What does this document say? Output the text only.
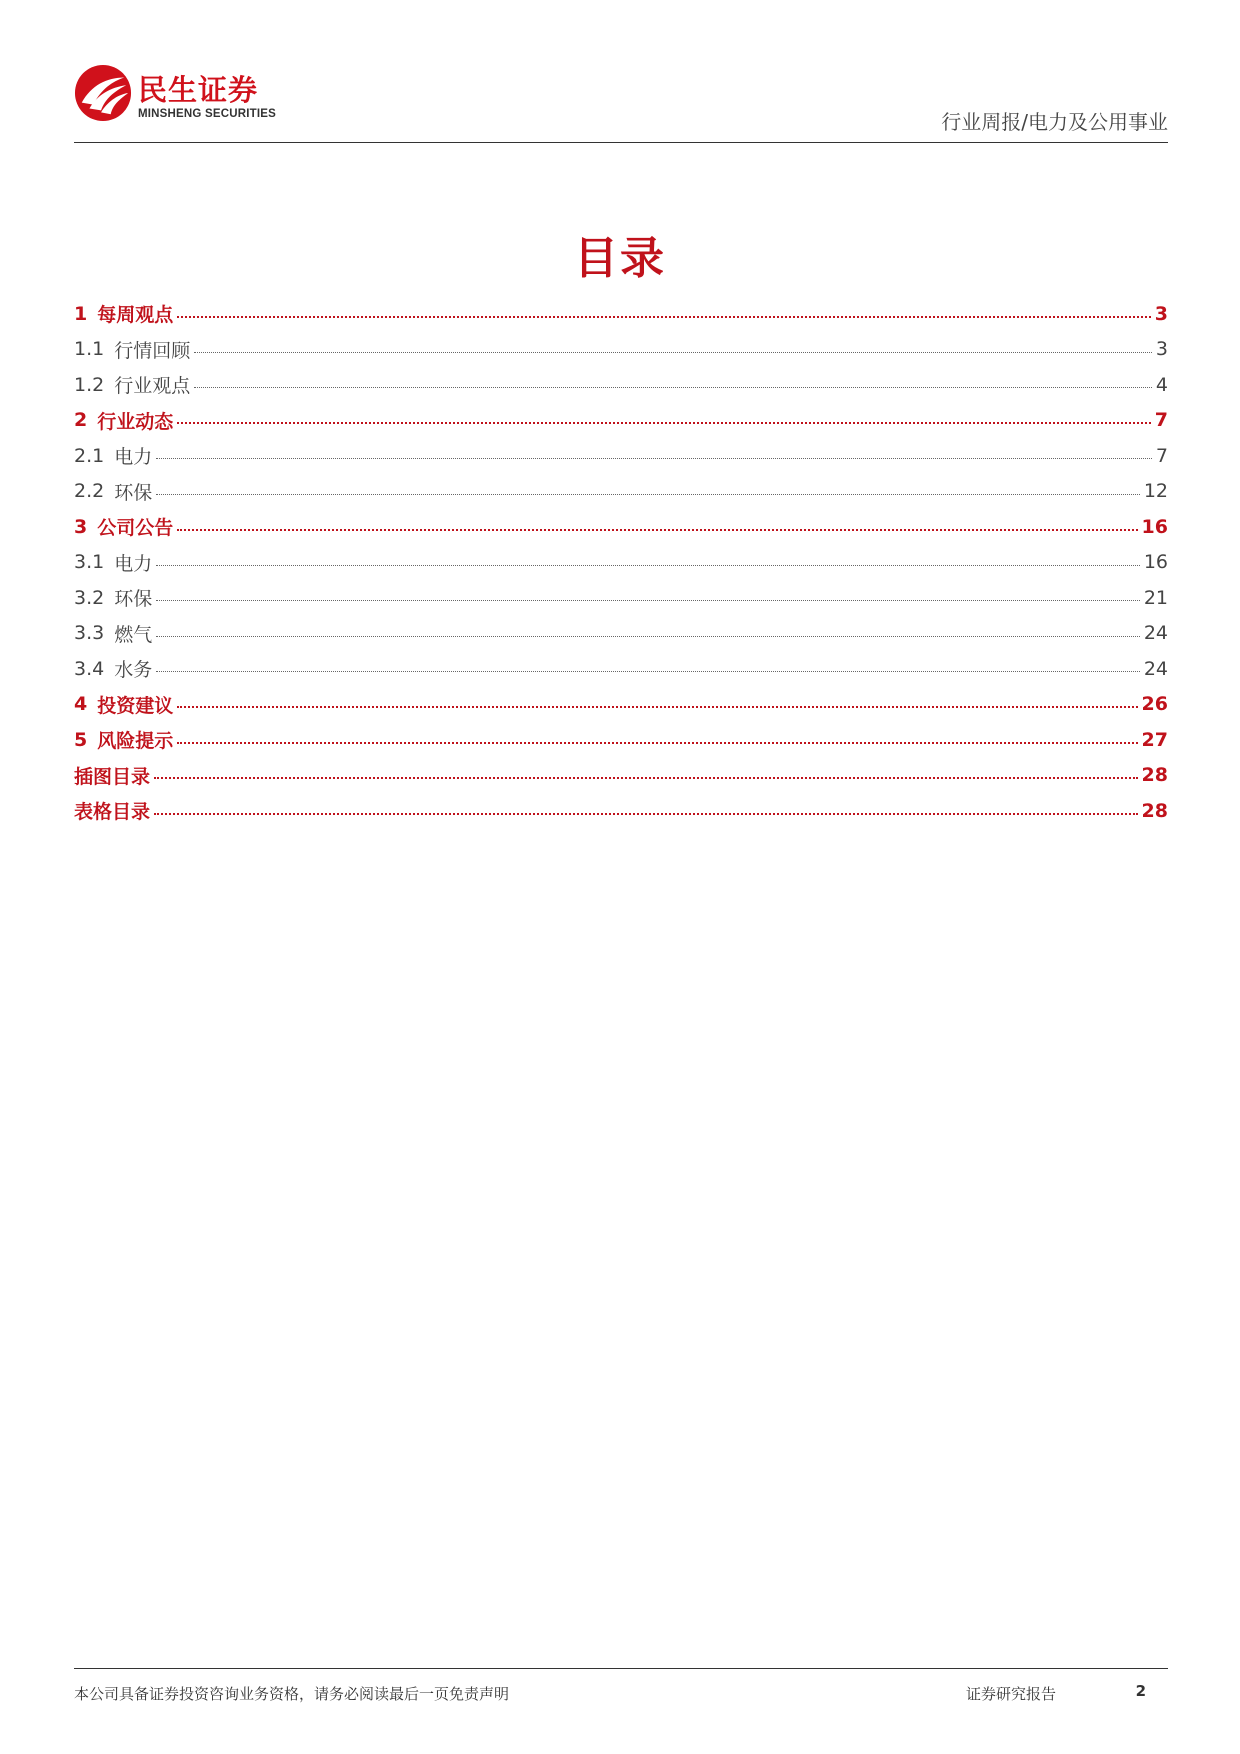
民生证券
MINSHENG SECURITIES	行业周报/电力及公用事业
目录
1 每周观点	3
1.1 行情回顾	3
1.2 行业观点	4
2 行业动态	7
2.1 电力	7
2.2 环保	12
3 公司公告	16
3.1 电力	16
3.2 环保	21
3.3 燃气	24
3.4 水务	24
4 投资建议	26
5 风险提示	27
插图目录	28
表格目录	28
本公司具备证券投资咨询业务资格，请务必阅读最后一页免责声明	证券研究报告	2
